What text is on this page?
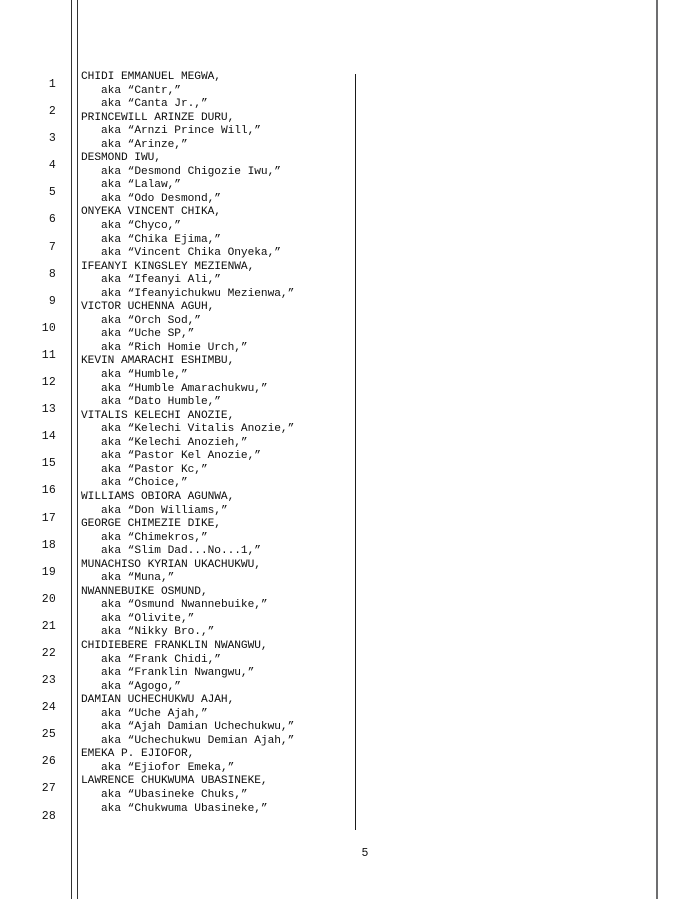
1
2
3
4
5
6
7
8
9
10
11
12
13
14
15
16
17
18
19
20
21
22
23
24
25
26
27
28
CHIDI EMMANUEL MEGWA,
aka “Cantr,”
aka “Canta Jr.,”
PRINCEWILL ARINZE DURU,
aka “Arnzi Prince Will,”
aka “Arinze,”
DESMOND IWU,
aka “Desmond Chigozie Iwu,”
aka “Lalaw,”
aka “Odo Desmond,”
ONYEKA VINCENT CHIKA,
aka “Chyco,”
aka “Chika Ejima,”
aka “Vincent Chika Onyeka,”
IFEANYI KINGSLEY MEZIENWA,
aka “Ifeanyi Ali,”
aka “Ifeanyichukwu Mezienwa,”
VICTOR UCHENNA AGUH,
aka “Orch Sod,”
aka “Uche SP,”
aka “Rich Homie Urch,”
KEVIN AMARACHI ESHIMBU,
aka “Humble,”
aka “Humble Amarachukwu,”
aka “Dato Humble,”
VITALIS KELECHI ANOZIE,
aka “Kelechi Vitalis Anozie,”
aka “Kelechi Anozieh,”
aka “Pastor Kel Anozie,”
aka “Pastor Kc,”
aka “Choice,”
WILLIAMS OBIORA AGUNWA,
aka “Don Williams,”
GEORGE CHIMEZIE DIKE,
aka “Chimekros,”
aka “Slim Dad...No...1,”
MUNACHISO KYRIAN UKACHUKWU,
aka “Muna,”
NWANNEBUIKE OSMUND,
aka “Osmund Nwannebuike,”
aka “Olivite,”
aka “Nikky Bro.,”
CHIDIEBERE FRANKLIN NWANGWU,
aka “Frank Chidi,”
aka “Franklin Nwangwu,”
aka “Agogo,”
DAMIAN UCHECHUKWU AJAH,
aka “Uche Ajah,”
aka “Ajah Damian Uchechukwu,”
aka “Uchechukwu Demian Ajah,”
EMEKA P. EJIOFOR,
aka “Ejiofor Emeka,”
LAWRENCE CHUKWUMA UBASINEKE,
aka “Ubasineke Chuks,”
aka “Chukwuma Ubasineke,”
5
